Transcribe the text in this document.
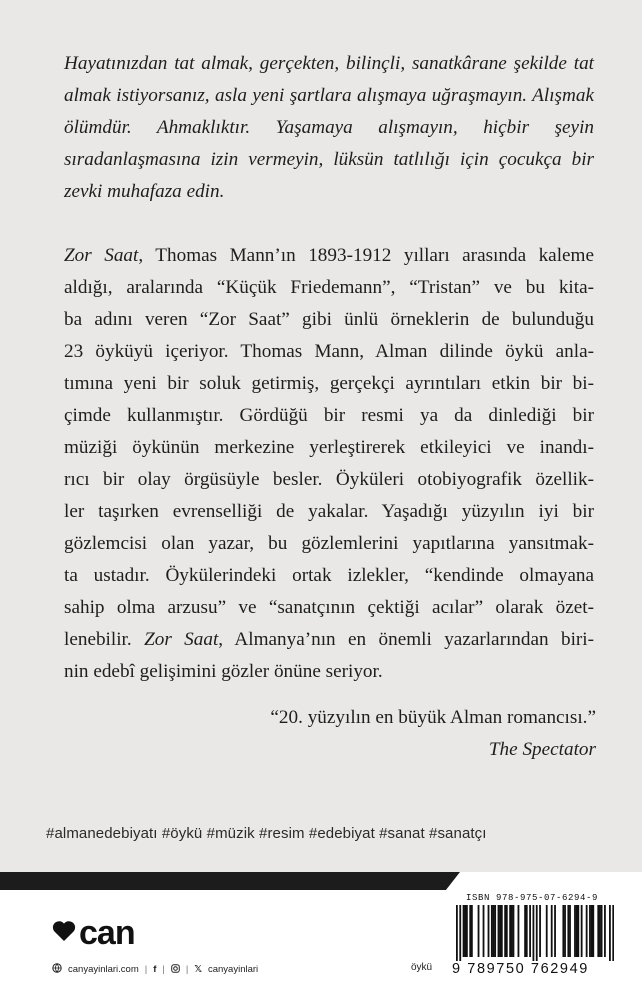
Hayatınızdan tat almak, gerçekten, bilinçli, sanatkârane şekilde tat almak istiyorsanız, asla yeni şartlara alışmaya uğraşmayın. Alışmak ölümdür. Ahmaklıktır. Yaşamaya alışmayın, hiçbir şeyin sıradanlaşmasına izin vermeyin, lüksün tatlılığı için çocukça bir zevki muhafaza edin.
Zor Saat, Thomas Mann’ın 1893-1912 yılları arasında kaleme
aldığı, aralarında “Küçük Friedemann”, “Tristan” ve bu kita-
ba adını veren “Zor Saat” gibi ünlü örneklerin de bulunduğu
23 öyküyü içeriyor. Thomas Mann, Alman dilinde öykü anla-
tımına yeni bir soluk getirmiş, gerçekçi ayrıntıları etkin bir bi-
çimde kullanmıştır. Gördüğü bir resmi ya da dinlediği bir
müziği öykünün merkezine yerleştirerek etkileyici ve inandı-
rıcı bir olay örgüsüyle besler. Öyküleri otobiyografik özellik-
ler taşırken evrenselliği de yakalar. Yaşadığı yüzyılın iyi bir
gözlemcisi olan yazar, bu gözlemlerini yapıtlarına yansıtmak-
ta ustadır. Öykülerindeki ortak izlekler, “kendinde olmayana
sahip olma arzusu” ve “sanatçının çektiği acılar” olarak özet-
lenebilir. Zor Saat, Almanya’nın en önemli yazarlarından biri-
nin edebî gelişimini gözler önüne seriyor.
“20. yüzyılın en büyük Alman romancısı.”
The Spectator
#almanedebiyatı #öykü #müzik #resim #edebiyat #sanat #sanatçı
can
canyayinlari.com | f | | 𝕏 canyayinlari	öykü
ISBN 978-975-07-6294-9
9 789750 762949
